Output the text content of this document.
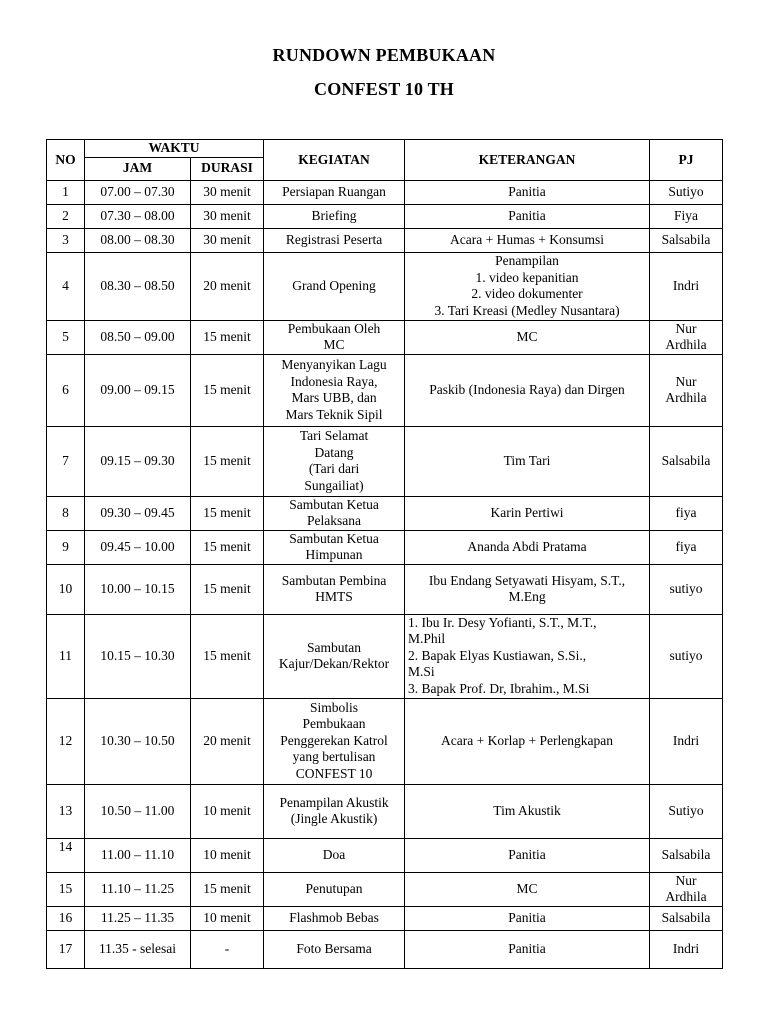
RUNDOWN PEMBUKAAN
CONFEST 10 TH
NO	WAKTU		KEGIATAN	KETERANGAN	PJ
	JAM	DURASI			
1	07.00 – 07.30	30 menit	Persiapan Ruangan	Panitia	Sutiyo

2	07.30 – 08.00	30 menit	Briefing	Panitia	Fiya

3	08.00 – 08.30	30 menit	Registrasi Peserta	Acara + Humas + Konsumsi	Salsabila

4	08.30 – 08.50	20 menit	Grand Opening	Penampilan
1. video kepanitian
2. video dokumenter
3. Tari Kreasi (Medley Nusantara)	Indri

5	08.50 – 09.00	15 menit	Pembukaan Oleh
MC	MC	Nur
Ardhila

6	09.00 – 09.15	15 menit	Menyanyikan Lagu
Indonesia Raya,
Mars UBB, dan
Mars Teknik Sipil	Paskib (Indonesia Raya) dan Dirgen	Nur
Ardhila

7	09.15 – 09.30	15 menit	Tari Selamat
Datang
(Tari dari
Sungailiat)	Tim Tari	Salsabila

8	09.30 – 09.45	15 menit	Sambutan Ketua
Pelaksana	Karin Pertiwi	fiya

9	09.45 – 10.00	15 menit	Sambutan Ketua
Himpunan	Ananda Abdi Pratama	fiya

10	10.00 – 10.15	15 menit	Sambutan Pembina
HMTS	Ibu Endang Setyawati Hisyam, S.T.,
M.Eng	sutiyo

11	10.15 – 10.30	15 menit	Sambutan
Kajur/Dekan/Rektor	1. Ibu Ir. Desy Yofianti, S.T., M.T.,
M.Phil
2. Bapak Elyas Kustiawan, S.Si.,
M.Si
3. Bapak Prof. Dr, Ibrahim., M.Si	sutiyo

12	10.30 – 10.50	20 menit	Simbolis
Pembukaan
Penggerekan Katrol
yang bertulisan
CONFEST 10	Acara + Korlap + Perlengkapan	Indri

13	10.50 – 11.00	10 menit	Penampilan Akustik
(Jingle Akustik)	Tim Akustik	Sutiyo

14	11.00 – 11.10	10 menit	Doa	Panitia	Salsabila

15	11.10 – 11.25	15 menit	Penutupan	MC	Nur
Ardhila

16	11.25 – 11.35	10 menit	Flashmob Bebas	Panitia	Salsabila

17	11.35 - selesai	-	Foto Bersama	Panitia	Indri
